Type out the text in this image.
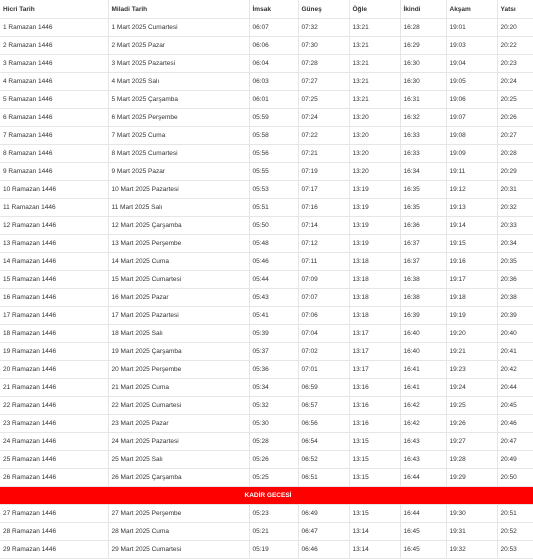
Hicri Tarih	Miladi Tarih	İmsak	Güneş	Öğle	İkindi	Akşam	Yatsı
1 Ramazan 1446	1 Mart 2025 Cumartesi	06:07	07:32	13:21	16:28	19:01	20:20
2 Ramazan 1446	2 Mart 2025 Pazar	06:06	07:30	13:21	16:29	19:03	20:22
3 Ramazan 1446	3 Mart 2025 Pazartesi	06:04	07:28	13:21	16:30	19:04	20:23
4 Ramazan 1446	4 Mart 2025 Salı	06:03	07:27	13:21	16:30	19:05	20:24
5 Ramazan 1446	5 Mart 2025 Çarşamba	06:01	07:25	13:21	16:31	19:06	20:25
6 Ramazan 1446	6 Mart 2025 Perşembe	05:59	07:24	13:20	16:32	19:07	20:26
7 Ramazan 1446	7 Mart 2025 Cuma	05:58	07:22	13:20	16:33	19:08	20:27
8 Ramazan 1446	8 Mart 2025 Cumartesi	05:56	07:21	13:20	16:33	19:09	20:28
9 Ramazan 1446	9 Mart 2025 Pazar	05:55	07:19	13:20	16:34	19:11	20:29
10 Ramazan 1446	10 Mart 2025 Pazartesi	05:53	07:17	13:19	16:35	19:12	20:31
11 Ramazan 1446	11 Mart 2025 Salı	05:51	07:16	13:19	16:35	19:13	20:32
12 Ramazan 1446	12 Mart 2025 Çarşamba	05:50	07:14	13:19	16:36	19:14	20:33
13 Ramazan 1446	13 Mart 2025 Perşembe	05:48	07:12	13:19	16:37	19:15	20:34
14 Ramazan 1446	14 Mart 2025 Cuma	05:46	07:11	13:18	16:37	19:16	20:35
15 Ramazan 1446	15 Mart 2025 Cumartesi	05:44	07:09	13:18	16:38	19:17	20:36
16 Ramazan 1446	16 Mart 2025 Pazar	05:43	07:07	13:18	16:38	19:18	20:38
17 Ramazan 1446	17 Mart 2025 Pazartesi	05:41	07:06	13:18	16:39	19:19	20:39
18 Ramazan 1446	18 Mart 2025 Salı	05:39	07:04	13:17	16:40	19:20	20:40
19 Ramazan 1446	19 Mart 2025 Çarşamba	05:37	07:02	13:17	16:40	19:21	20:41
20 Ramazan 1446	20 Mart 2025 Perşembe	05:36	07:01	13:17	16:41	19:23	20:42
21 Ramazan 1446	21 Mart 2025 Cuma	05:34	06:59	13:16	16:41	19:24	20:44
22 Ramazan 1446	22 Mart 2025 Cumartesi	05:32	06:57	13:16	16:42	19:25	20:45
23 Ramazan 1446	23 Mart 2025 Pazar	05:30	06:56	13:16	16:42	19:26	20:46
24 Ramazan 1446	24 Mart 2025 Pazartesi	05:28	06:54	13:15	16:43	19:27	20:47
25 Ramazan 1446	25 Mart 2025 Salı	05:26	06:52	13:15	16:43	19:28	20:49
26 Ramazan 1446	26 Mart 2025 Çarşamba	05:25	06:51	13:15	16:44	19:29	20:50
KADİR GECESİ							
27 Ramazan 1446	27 Mart 2025 Perşembe	05:23	06:49	13:15	16:44	19:30	20:51
28 Ramazan 1446	28 Mart 2025 Cuma	05:21	06:47	13:14	16:45	19:31	20:52
29 Ramazan 1446	29 Mart 2025 Cumartesi	05:19	06:46	13:14	16:45	19:32	20:53
